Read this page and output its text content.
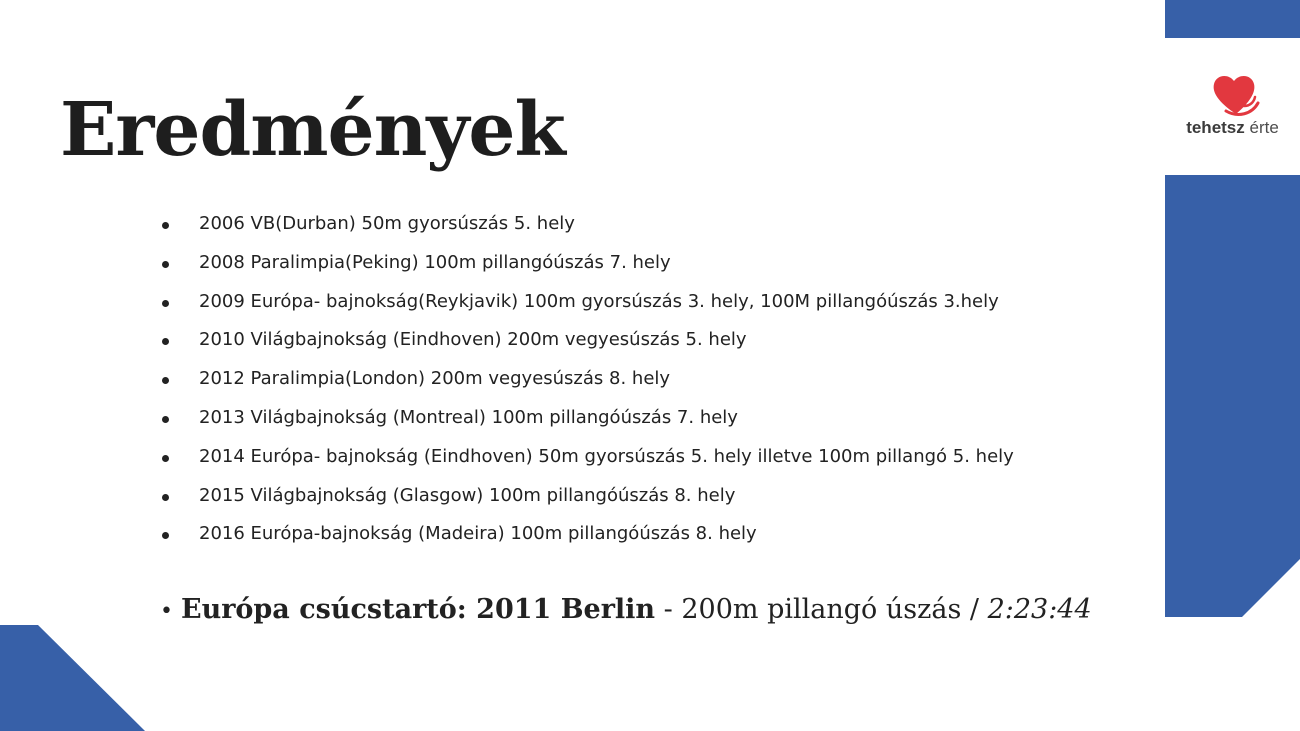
tehetsz érte
Eredmények
2006 VB(Durban) 50m gyorsúszás 5. hely
2008 Paralimpia(Peking) 100m pillangóúszás 7. hely
2009 Európa- bajnokság(Reykjavik) 100m gyorsúszás 3. hely, 100M pillangóúszás 3.hely
2010 Világbajnokság (Eindhoven) 200m vegyesúszás 5. hely
2012 Paralimpia(London) 200m vegyesúszás 8. hely
2013 Világbajnokság (Montreal) 100m pillangóúszás 7. hely
2014 Európa- bajnokság (Eindhoven) 50m gyorsúszás 5. hely illetve 100m pillangó 5. hely
2015 Világbajnokság (Glasgow) 100m pillangóúszás 8. hely
2016 Európa-bajnokság (Madeira) 100m pillangóúszás 8. hely

• Európa csúcstartó: 2011 Berlin - 200m pillangó úszás / 2:23:44
